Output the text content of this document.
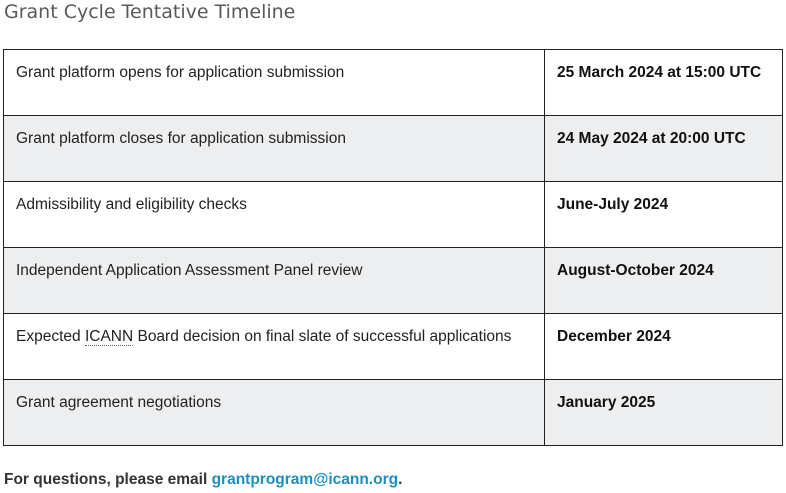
Grant Cycle Tentative Timeline
Grant platform opens for application submission	25 March 2024 at 15:00 UTC
Grant platform closes for application submission	24 May 2024 at 20:00 UTC
Admissibility and eligibility checks	June-July 2024
Independent Application Assessment Panel review	August-October 2024
Expected ICANN Board decision on final slate of successful applications	December 2024
Grant agreement negotiations	January 2025
For questions, please email grantprogram@icann.org.
